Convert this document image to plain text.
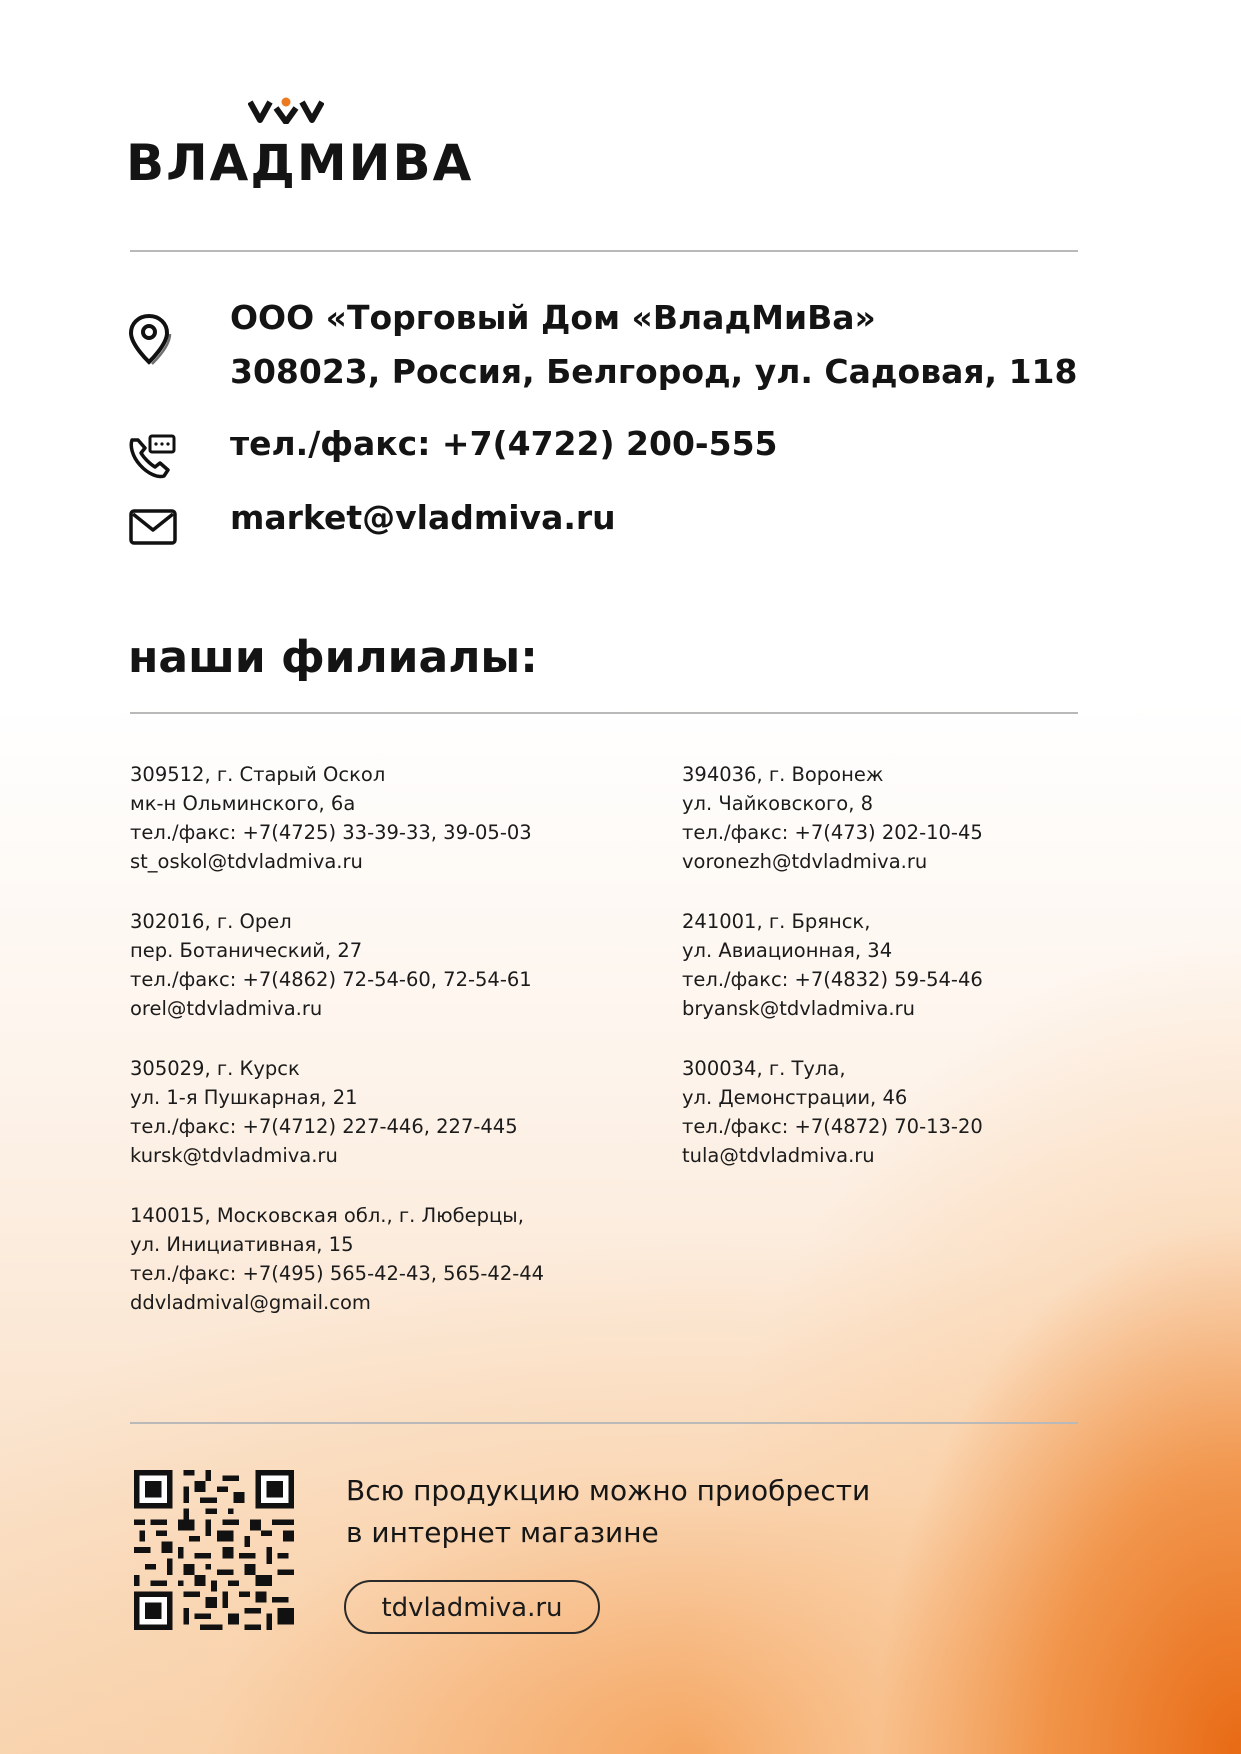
ВЛАДМИВА
ООО «Торговый Дом «ВладМиВа»
308023, Россия, Белгород, ул. Садовая, 118
тел./факс: +7(4722) 200-555
market@vladmiva.ru
наши филиалы:
309512, г. Старый Оскол
мк-н Ольминского, 6а
тел./факс: +7(4725) 33-39-33, 39-05-03
st_oskol@tdvladmiva.ru
302016, г. Орел
пер. Ботанический, 27
тел./факс: +7(4862) 72-54-60, 72-54-61
orel@tdvladmiva.ru
305029, г. Курск
ул. 1-я Пушкарная, 21
тел./факс: +7(4712) 227-446, 227-445
kursk@tdvladmiva.ru
140015, Московская обл., г. Люберцы,
ул. Инициативная, 15
тел./факс: +7(495) 565-42-43, 565-42-44
ddvladmival@gmail.com
394036, г. Воронеж
ул. Чайковского, 8
тел./факс: +7(473) 202-10-45
voronezh@tdvladmiva.ru
241001, г. Брянск,
ул. Авиационная, 34
тел./факс: +7(4832) 59-54-46
bryansk@tdvladmiva.ru
300034, г. Тула,
ул. Демонстрации, 46
тел./факс: +7(4872) 70-13-20
tula@tdvladmiva.ru
Всю продукцию можно приобрести
в интернет магазине
tdvladmiva.ru
